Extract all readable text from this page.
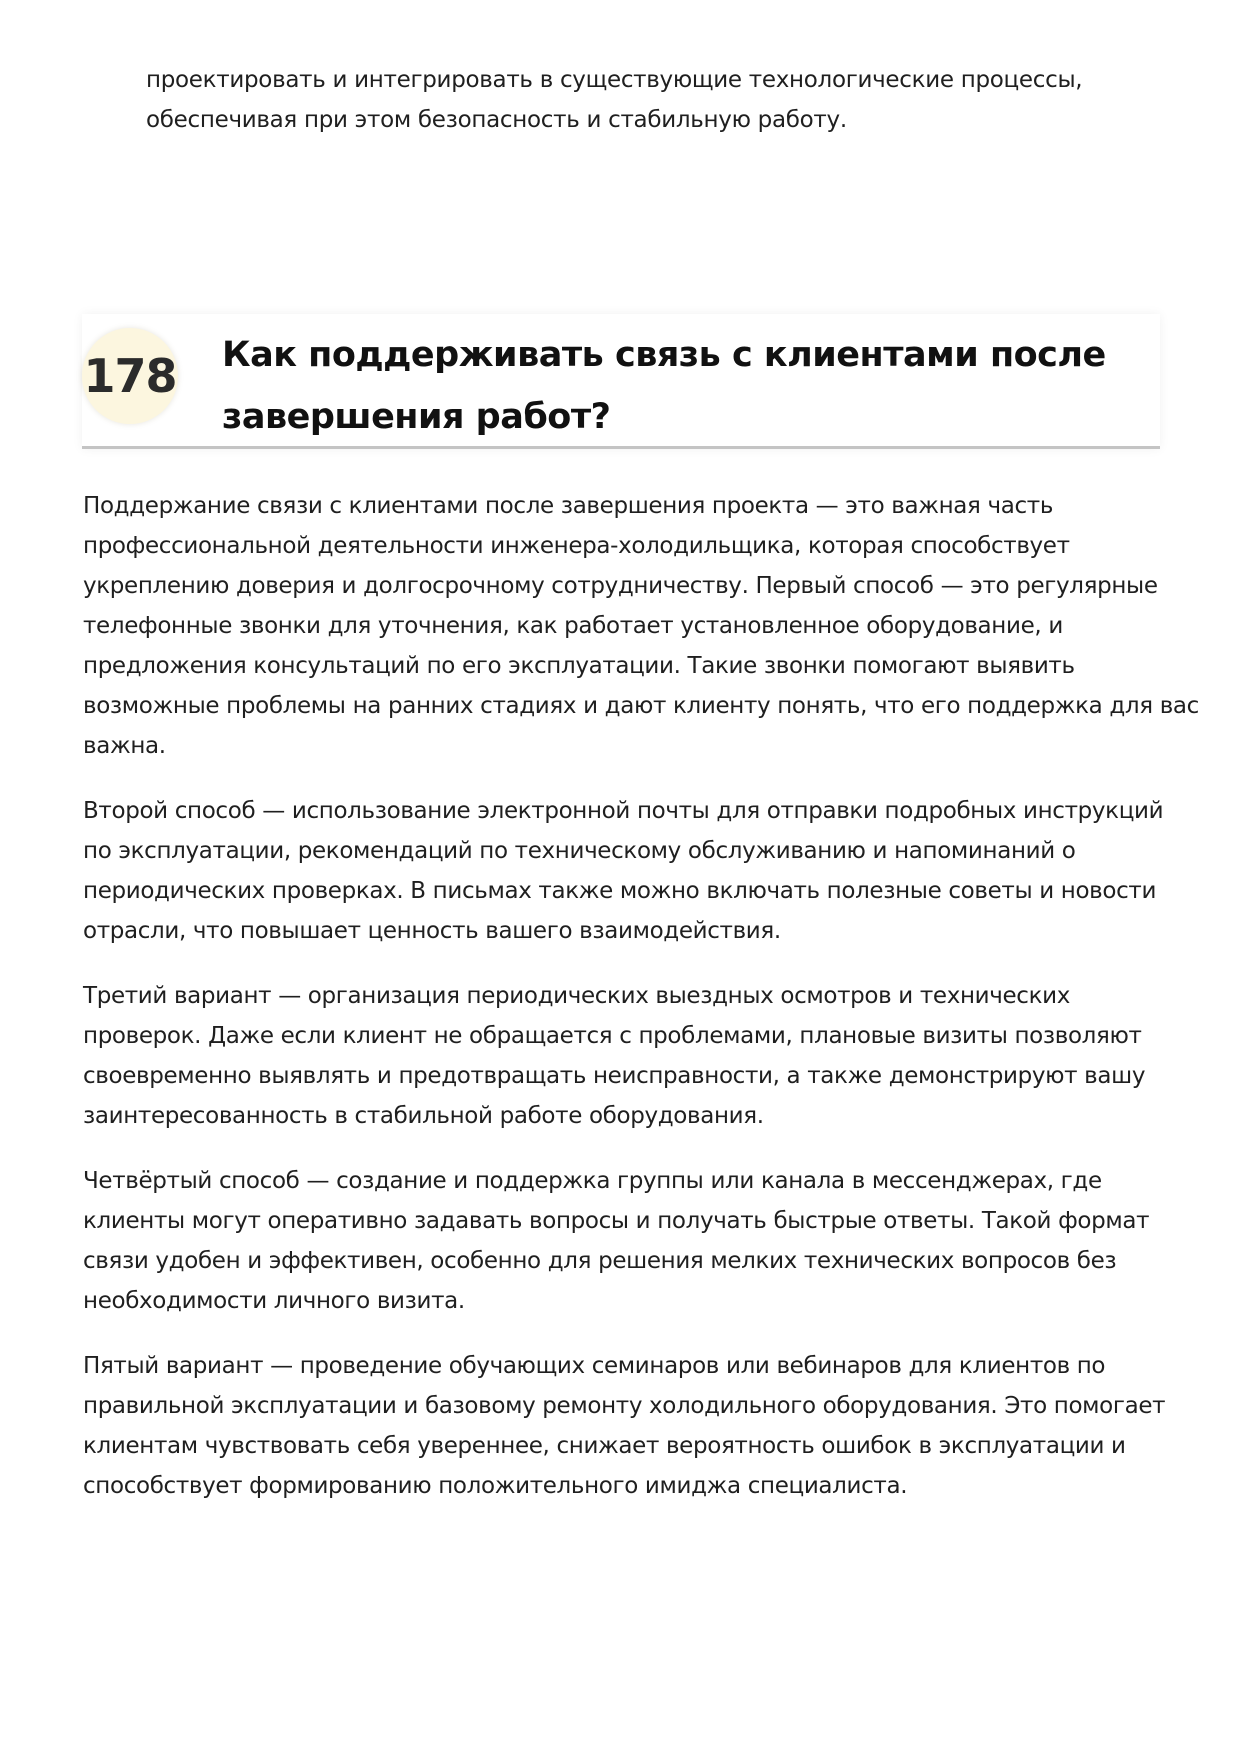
проектировать и интегрировать в существующие технологические процессы,
обеспечивая при этом безопасность и стабильную работу.

178 Как поддерживать связь с клиентами после
завершения работ?

Поддержание связи с клиентами после завершения проекта — это важная часть
профессиональной деятельности инженера-холодильщика, которая способствует
укреплению доверия и долгосрочному сотрудничеству. Первый способ — это регулярные
телефонные звонки для уточнения, как работает установленное оборудование, и
предложения консультаций по его эксплуатации. Такие звонки помогают выявить
возможные проблемы на ранних стадиях и дают клиенту понять, что его поддержка для вас
важна.

Второй способ — использование электронной почты для отправки подробных инструкций
по эксплуатации, рекомендаций по техническому обслуживанию и напоминаний о
периодических проверках. В письмах также можно включать полезные советы и новости
отрасли, что повышает ценность вашего взаимодействия.

Третий вариант — организация периодических выездных осмотров и технических
проверок. Даже если клиент не обращается с проблемами, плановые визиты позволяют
своевременно выявлять и предотвращать неисправности, а также демонстрируют вашу
заинтересованность в стабильной работе оборудования.

Четвёртый способ — создание и поддержка группы или канала в мессенджерах, где
клиенты могут оперативно задавать вопросы и получать быстрые ответы. Такой формат
связи удобен и эффективен, особенно для решения мелких технических вопросов без
необходимости личного визита.

Пятый вариант — проведение обучающих семинаров или вебинаров для клиентов по
правильной эксплуатации и базовому ремонту холодильного оборудования. Это помогает
клиентам чувствовать себя увереннее, снижает вероятность ошибок в эксплуатации и
способствует формированию положительного имиджа специалиста.
